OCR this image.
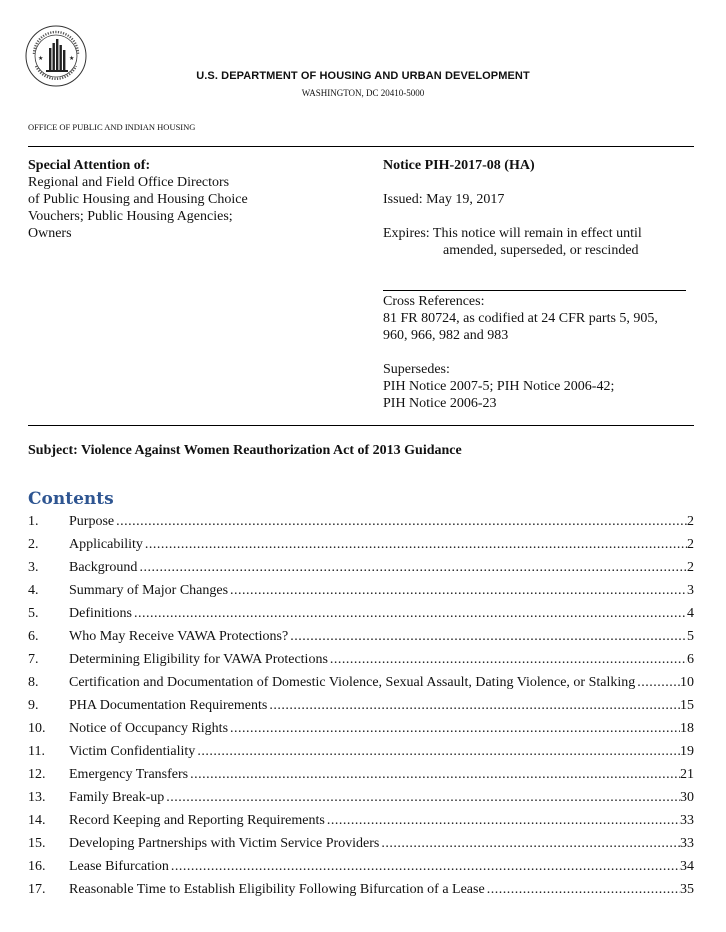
★	★
U.S. DEPARTMENT OF HOUSING AND URBAN DEVELOPMENT
WASHINGTON, DC 20410-5000
OFFICE OF PUBLIC AND INDIAN HOUSING
Special Attention of:
Regional and Field Office Directors
of Public Housing and Housing Choice
Vouchers; Public Housing Agencies;
Owners
Notice PIH-2017-08 (HA)
Issued: May 19, 2017
Expires: This notice will remain in effect until
amended, superseded, or rescinded
Cross References:
81 FR 80724, as codified at 24 CFR parts 5, 905,
960, 966, 982 and 983
Supersedes:
PIH Notice 2007-5; PIH Notice 2006-42;
PIH Notice 2006-23
Subject: Violence Against Women Reauthorization Act of 2013 Guidance
Contents
1. Purpose .....	2
2. Applicability .....	2
3. Background .....	2
4. Summary of Major Changes .....	3
5. Definitions .....	4
6. Who May Receive VAWA Protections? .....	5
7. Determining Eligibility for VAWA Protections .....	6
8. Certification and Documentation of Domestic Violence, Sexual Assault, Dating Violence, or Stalking .....	10
9. PHA Documentation Requirements .....	15
10. Notice of Occupancy Rights .....	18
11. Victim Confidentiality .....	19
12. Emergency Transfers .....	21
13. Family Break-up .....	30
14. Record Keeping and Reporting Requirements .....	33
15. Developing Partnerships with Victim Service Providers .....	33
16. Lease Bifurcation .....	34
17. Reasonable Time to Establish Eligibility Following Bifurcation of a Lease .....	35
